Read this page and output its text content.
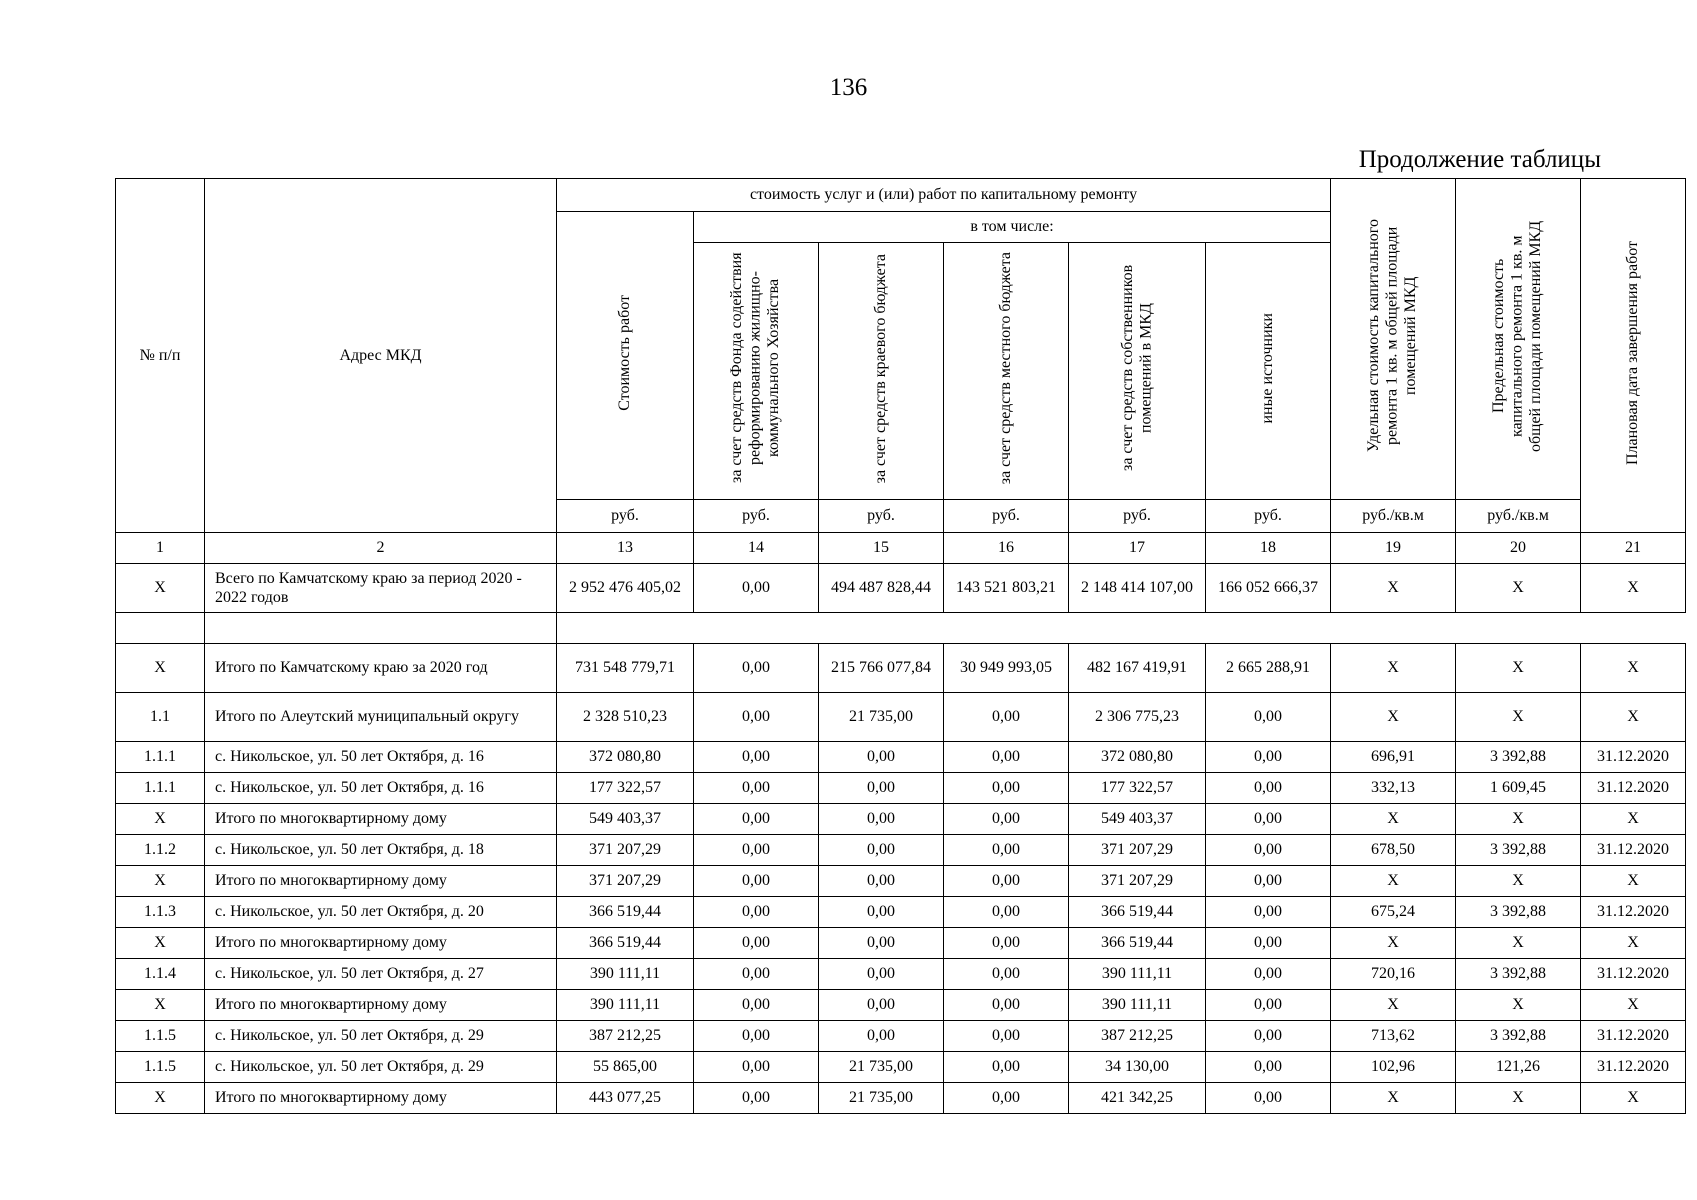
136
Продолжение таблицы
№ п/п	Адрес МКД	стоимость услуг и (или) работ по капитальному ремонту						Удельная стоимость капитального ремонта 1 кв. м общей площади помещений МКД	Предельная стоимость капитального ремонта 1 кв. м общей площади помещений МКД	Плановая дата завершения работ
		Стоимость работ	в том числе:							
			за счет средств Фонда содействия реформированию жилищно-коммунального Хозяйства	за счет средств краевого бюджета	за счет средств местного бюджета	за счет средств собственников помещений в МКД	иные источники			
		руб.	руб.	руб.	руб.	руб.	руб.	руб./кв.м	руб./кв.м	
1	2	13	14	15	16	17	18	19	20	21
X	Всего по Камчатскому краю за период 2020 - 2022 годов	2 952 476 405,02	0,00	494 487 828,44	143 521 803,21	2 148 414 107,00	166 052 666,37	X	X	X

X	Итого по Камчатскому краю за 2020 год	731 548 779,71	0,00	215 766 077,84	30 949 993,05	482 167 419,91	2 665 288,91	X	X	X
1.1	Итого по Алеутский муниципальный округу	2 328 510,23	0,00	21 735,00	0,00	2 306 775,23	0,00	X	X	X
1.1.1	с. Никольское, ул. 50 лет Октября, д. 16	372 080,80	0,00	0,00	0,00	372 080,80	0,00	696,91	3 392,88	31.12.2020
1.1.1	с. Никольское, ул. 50 лет Октября, д. 16	177 322,57	0,00	0,00	0,00	177 322,57	0,00	332,13	1 609,45	31.12.2020
X	Итого по многоквартирному дому	549 403,37	0,00	0,00	0,00	549 403,37	0,00	X	X	X
1.1.2	с. Никольское, ул. 50 лет Октября, д. 18	371 207,29	0,00	0,00	0,00	371 207,29	0,00	678,50	3 392,88	31.12.2020
X	Итого по многоквартирному дому	371 207,29	0,00	0,00	0,00	371 207,29	0,00	X	X	X
1.1.3	с. Никольское, ул. 50 лет Октября, д. 20	366 519,44	0,00	0,00	0,00	366 519,44	0,00	675,24	3 392,88	31.12.2020
X	Итого по многоквартирному дому	366 519,44	0,00	0,00	0,00	366 519,44	0,00	X	X	X
1.1.4	с. Никольское, ул. 50 лет Октября, д. 27	390 111,11	0,00	0,00	0,00	390 111,11	0,00	720,16	3 392,88	31.12.2020
X	Итого по многоквартирному дому	390 111,11	0,00	0,00	0,00	390 111,11	0,00	X	X	X
1.1.5	с. Никольское, ул. 50 лет Октября, д. 29	387 212,25	0,00	0,00	0,00	387 212,25	0,00	713,62	3 392,88	31.12.2020
1.1.5	с. Никольское, ул. 50 лет Октября, д. 29	55 865,00	0,00	21 735,00	0,00	34 130,00	0,00	102,96	121,26	31.12.2020
X	Итого по многоквартирному дому	443 077,25	0,00	21 735,00	0,00	421 342,25	0,00	X	X	X
